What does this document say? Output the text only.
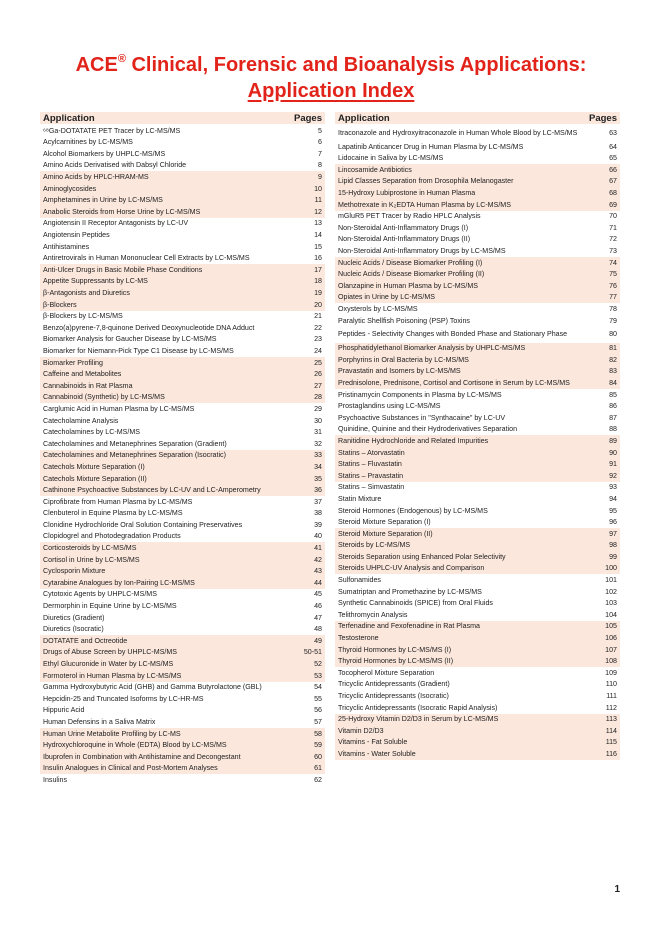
ACE® Clinical, Forensic and Bioanalysis Applications:
Application Index
Application	Pages
⁶⁸Ga-DOTATATE PET Tracer by LC-MS/MS	5
Acylcarnitines by LC-MS/MS	6
Alcohol Biomarkers by UHPLC-MS/MS	7
Amino Acids Derivatised with Dabsyl Chloride	8
Amino Acids by HPLC-HRAM-MS	9
Aminoglycosides	10
Amphetamines in Urine by LC-MS/MS	11
Anabolic Steroids from Horse Urine by LC-MS/MS	12
Angiotensin II Receptor Antagonists by LC-UV	13
Angiotensin Peptides	14
Antihistamines	15
Antiretrovirals in Human Mononuclear Cell Extracts by LC-MS/MS	16
Anti-Ulcer Drugs in Basic Mobile Phase Conditions	17
Appetite Suppressants by LC-MS	18
β-Antagonists and Diuretics	19
β-Blockers	20
β-Blockers by LC-MS/MS	21
Benzo(a)pyrene-7,8-quinone Derived Deoxynucleotide DNA Adduct	22
Biomarker Analysis for Gaucher Disease by LC-MS/MS	23
Biomarker for Niemann-Pick Type C1 Disease by LC-MS/MS	24
Biomarker Profiling	25
Caffeine and Metabolites	26
Cannabinoids in Rat Plasma	27
Cannabinoid (Synthetic) by LC-MS/MS	28
Carglumic Acid in Human Plasma by LC-MS/MS	29
Catecholamine Analysis	30
Catecholamines by LC-MS/MS	31
Catecholamines and Metanephrines Separation (Gradient)	32
Catecholamines and Metanephrines Separation (Isocratic)	33
Catechols Mixture Separation (I)	34
Catechols Mixture Separation (II)	35
Cathinone Psychoactive Substances by LC-UV and LC-Amperometry	36
Ciprofibrate from Human Plasma by LC-MS/MS	37
Clenbuterol in Equine Plasma by LC-MS/MS	38
Clonidine Hydrochloride Oral Solution Containing Preservatives	39
Clopidogrel and Photodegradation Products	40
Corticosteroids by LC-MS/MS	41
Cortisol in Urine by LC-MS/MS	42
Cyclosporin Mixture	43
Cytarabine Analogues by Ion-Pairing LC-MS/MS	44
Cytotoxic Agents by UHPLC-MS/MS	45
Dermorphin in Equine Urine by LC-MS/MS	46
Diuretics (Gradient)	47
Diuretics (Isocratic)	48
DOTATATE and Octreotide	49
Drugs of Abuse Screen by UHPLC-MS/MS	50-51
Ethyl Glucuronide in Water by LC-MS/MS	52
Formoterol in Human Plasma by LC-MS/MS	53
Gamma Hydroxybutyric Acid (GHB) and Gamma Butyrolactone (GBL)	54
Hepcidin-25 and Truncated Isoforms by LC-HR-MS	55
Hippuric Acid	56
Human Defensins in a Saliva Matrix	57
Human Urine Metabolite Profiling by LC-MS	58
Hydroxychloroquine in Whole (EDTA) Blood by LC-MS/MS	59
Ibuprofen in Combination with Antihistamine and Decongestant	60
Insulin Analogues in Clinical and Post-Mortem Analyses	61
Insulins	62
Application	Pages
Itraconazole and Hydroxyitraconazole in Human Whole Blood by LC-MS/MS	63
Lapatinib Anticancer Drug in Human Plasma by LC-MS/MS	64
Lidocaine in Saliva by LC-MS/MS	65
Lincosamide Antibiotics	66
Lipid Classes Separation from Drosophila Melanogaster	67
15-Hydroxy Lubiprostone in Human Plasma	68
Methotrexate in K₂EDTA Human Plasma by LC-MS/MS	69
mGluR5 PET Tracer by Radio HPLC Analysis	70
Non-Steroidal Anti-Inflammatory Drugs (I)	71
Non-Steroidal Anti-Inflammatory Drugs (II)	72
Non-Steroidal Anti-Inflammatory Drugs by LC-MS/MS	73
Nucleic Acids / Disease Biomarker Profiling (I)	74
Nucleic Acids / Disease Biomarker Profiling (II)	75
Olanzapine in Human Plasma by LC-MS/MS	76
Opiates in Urine by LC-MS/MS	77
Oxysterols by LC-MS/MS	78
Paralytic Shellfish Poisoning (PSP) Toxins	79
Peptides - Selectivity Changes with Bonded Phase and Stationary Phase	80
Phosphatidylethanol Biomarker Analysis by UHPLC-MS/MS	81
Porphyrins in Oral Bacteria by LC-MS/MS	82
Pravastatin and Isomers by LC-MS/MS	83
Prednisolone, Prednisone, Cortisol and Cortisone in Serum by LC-MS/MS	84
Pristinamycin Components in Plasma by LC-MS/MS	85
Prostaglandins using LC-MS/MS	86
Psychoactive Substances in "Synthacaine" by LC-UV	87
Quinidine, Quinine and their Hydroderivatives Separation	88
Ranitidine Hydrochloride and Related Impurities	89
Statins – Atorvastatin	90
Statins – Fluvastatin	91
Statins – Pravastatin	92
Statins – Simvastatin	93
Statin Mixture	94
Steroid Hormones (Endogenous) by LC-MS/MS	95
Steroid Mixture Separation (I)	96
Steroid Mixture Separation (II)	97
Steroids by LC-MS/MS	98
Steroids Separation using Enhanced Polar Selectivity	99
Steroids UHPLC-UV Analysis and Comparison	100
Sulfonamides	101
Sumatriptan and Promethazine by LC-MS/MS	102
Synthetic Cannabinoids (SPICE) from Oral Fluids	103
Telithromycin Analysis	104
Terfenadine and Fexofenadine in Rat Plasma	105
Testosterone	106
Thyroid Hormones by LC-MS/MS (I)	107
Thyroid Hormones by LC-MS/MS (II)	108
Tocopherol Mixture Separation	109
Tricyclic Antidepressants (Gradient)	110
Tricyclic Antidepressants (Isocratic)	111
Tricyclic Antidepressants (Isocratic Rapid Analysis)	112
25-Hydroxy Vitamin D2/D3 in Serum by LC-MS/MS	113
Vitamin D2/D3	114
Vitamins - Fat Soluble	115
Vitamins - Water Soluble	116
1
